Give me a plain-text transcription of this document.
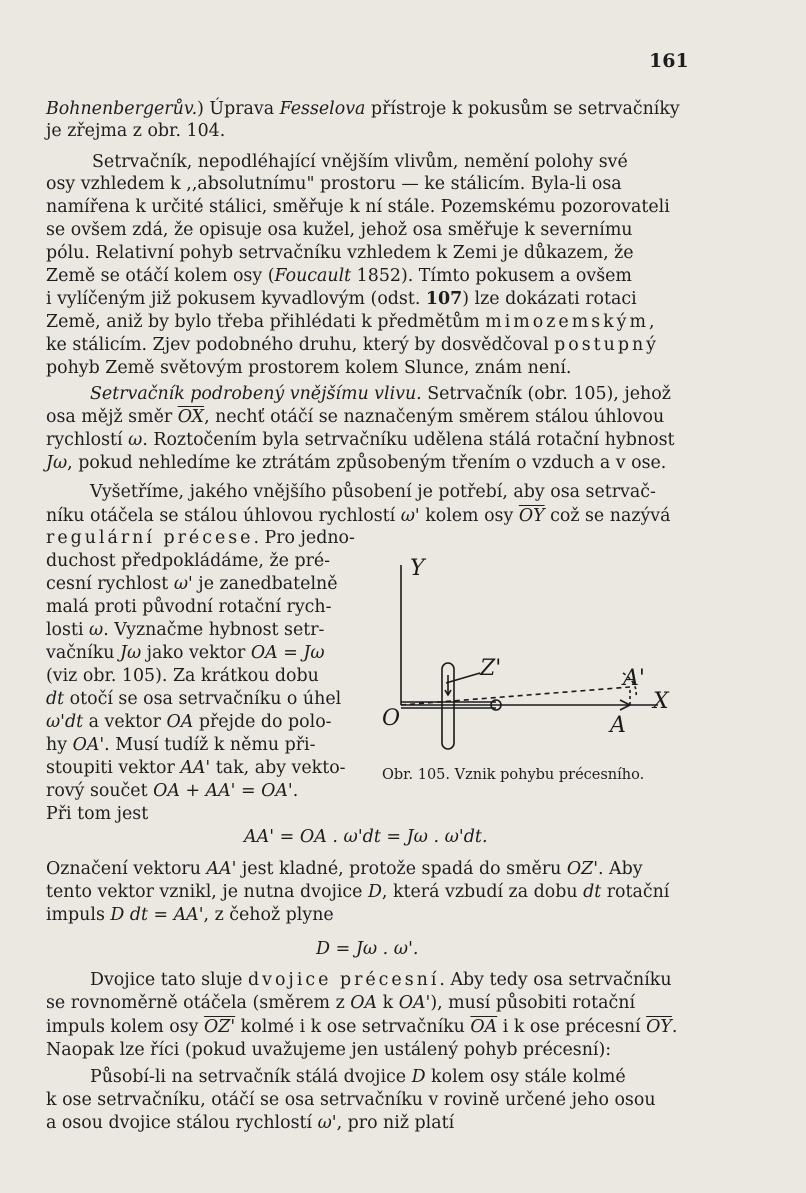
161
Bohnenbergerův.) Úprava Fesselova přístroje k pokusům se setrvačníky
je zřejma z obr. 104.
Setrvačník, nepodléhající vnějším vlivům, nemění polohy své
osy vzhledem k ,,absolutnímu" prostoru — ke stálicím. Byla-li osa
namířena k určité stálici, směřuje k ní stále. Pozemskému pozorovateli
se ovšem zdá, že opisuje osa kužel, jehož osa směřuje k severnímu
pólu. Relativní pohyb setrvačníku vzhledem k Zemi je důkazem, že
Země se otáčí kolem osy (Foucault 1852). Tímto pokusem a ovšem
i vylíčeným již pokusem kyvadlovým (odst. 107) lze dokázati rotaci
Země, aniž by bylo třeba přihlédati k předmětům mimozemským,
ke stálicím. Zjev podobného druhu, který by dosvědčoval postupný
pohyb Země světovým prostorem kolem Slunce, znám není.
Setrvačník podrobený vnějšímu vlivu. Setrvačník (obr. 105), jehož
osa mějž směr $\overline{OX}$, nechť otáčí se naznačeným směrem stálou úhlovou
rychlostí ω. Roztočením byla setrvačníku udělena stálá rotační hybnost
Jω, pokud nehledíme ke ztrátám způsobeným třením o vzduch a v ose.
Vyšetříme, jakého vnějšího působení je potřebí, aby osa setrvač-
níku otáčela se stálou úhlovou rychlostí ω' kolem osy $\overline{OY}$ což se nazývá
regulární précese. Pro jedno-
duchost předpokládáme, že pré-
cesní rychlost ω' je zanedbatelně
malá proti původní rotační rych-
losti ω. Vyznačme hybnost setr-
vačníku Jω jako vektor OA = Jω
(viz obr. 105). Za krátkou dobu
dt otočí se osa setrvačníku o úhel
ω'dt a vektor OA přejde do polo-
hy OA'. Musí tudíž k němu při-
stoupiti vektor AA' tak, aby vekto-
rový součet OA + AA' = OA'.
Při tom jest
Y
O
Z'	A'
X
A
Obr. 105. Vznik pohybu précesního.
AA' = OA . ω'dt = Jω . ω'dt.
Označení vektoru AA' jest kladné, protože spadá do směru OZ'. Aby
tento vektor vznikl, je nutna dvojice D, která vzbudí za dobu dt rotační
impuls D dt = AA', z čehož plyne
D = Jω . ω'.
Dvojice tato sluje dvojice précesní. Aby tedy osa setrvačníku
se rovnoměrně otáčela (směrem z OA k OA'), musí působiti rotační
impuls kolem osy OZ' kolmé i k ose setrvačníku $\overline{OA}$ i k ose précesní $\overline{OY}$.
Naopak lze říci (pokud uvažujeme jen ustálený pohyb précesní):
Působí-li na setrvačník stálá dvojice D kolem osy stále kolmé
k ose setrvačníku, otáčí se osa setrvačníku v rovině určené jeho osou
a osou dvojice stálou rychlostí ω', pro niž platí
